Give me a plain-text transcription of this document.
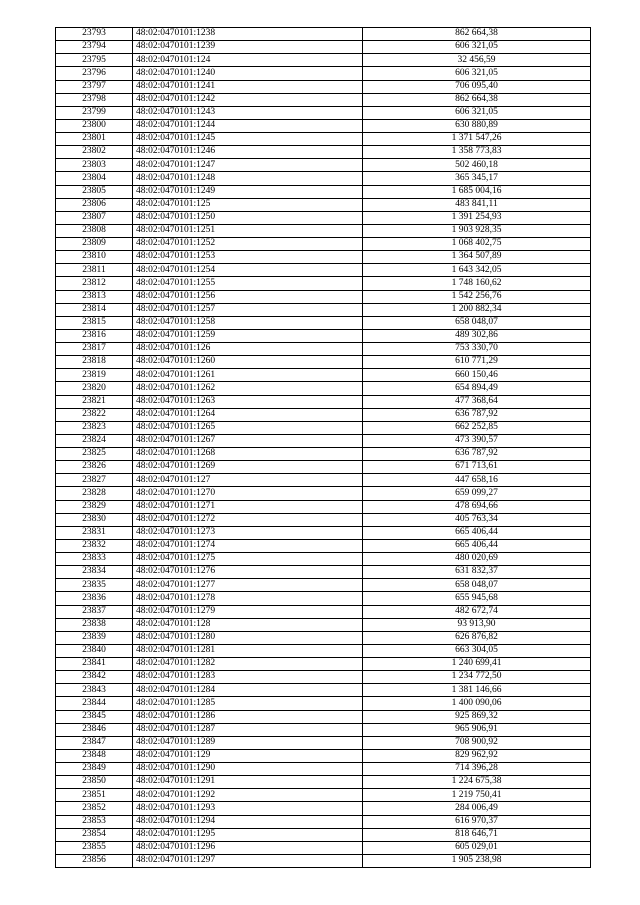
23793	48:02:0470101:1238	862 664,38
23794	48:02:0470101:1239	606 321,05
23795	48:02:0470101:124	32 456,59
23796	48:02:0470101:1240	606 321,05
23797	48:02:0470101:1241	706 095,40
23798	48:02:0470101:1242	862 664,38
23799	48:02:0470101:1243	606 321,05
23800	48:02:0470101:1244	630 880,89
23801	48:02:0470101:1245	1 371 547,26
23802	48:02:0470101:1246	1 358 773,83
23803	48:02:0470101:1247	502 460,18
23804	48:02:0470101:1248	365 345,17
23805	48:02:0470101:1249	1 685 004,16
23806	48:02:0470101:125	483 841,11
23807	48:02:0470101:1250	1 391 254,93
23808	48:02:0470101:1251	1 903 928,35
23809	48:02:0470101:1252	1 068 402,75
23810	48:02:0470101:1253	1 364 507,89
23811	48:02:0470101:1254	1 643 342,05
23812	48:02:0470101:1255	1 748 160,62
23813	48:02:0470101:1256	1 542 256,76
23814	48:02:0470101:1257	1 200 882,34
23815	48:02:0470101:1258	658 048,07
23816	48:02:0470101:1259	489 302,86
23817	48:02:0470101:126	753 330,70
23818	48:02:0470101:1260	610 771,29
23819	48:02:0470101:1261	660 150,46
23820	48:02:0470101:1262	654 894,49
23821	48:02:0470101:1263	477 368,64
23822	48:02:0470101:1264	636 787,92
23823	48:02:0470101:1265	662 252,85
23824	48:02:0470101:1267	473 390,57
23825	48:02:0470101:1268	636 787,92
23826	48:02:0470101:1269	671 713,61
23827	48:02:0470101:127	447 658,16
23828	48:02:0470101:1270	659 099,27
23829	48:02:0470101:1271	478 694,66
23830	48:02:0470101:1272	405 763,34
23831	48:02:0470101:1273	665 406,44
23832	48:02:0470101:1274	665 406,44
23833	48:02:0470101:1275	480 020,69
23834	48:02:0470101:1276	631 832,37
23835	48:02:0470101:1277	658 048,07
23836	48:02:0470101:1278	655 945,68
23837	48:02:0470101:1279	482 672,74
23838	48:02:0470101:128	93 913,90
23839	48:02:0470101:1280	626 876,82
23840	48:02:0470101:1281	663 304,05
23841	48:02:0470101:1282	1 240 699,41
23842	48:02:0470101:1283	1 234 772,50
23843	48:02:0470101:1284	1 381 146,66
23844	48:02:0470101:1285	1 400 090,06
23845	48:02:0470101:1286	925 869,32
23846	48:02:0470101:1287	965 906,91
23847	48:02:0470101:1289	708 900,92
23848	48:02:0470101:129	829 962,92
23849	48:02:0470101:1290	714 396,28
23850	48:02:0470101:1291	1 224 675,38
23851	48:02:0470101:1292	1 219 750,41
23852	48:02:0470101:1293	284 006,49
23853	48:02:0470101:1294	616 970,37
23854	48:02:0470101:1295	818 646,71
23855	48:02:0470101:1296	605 029,01
23856	48:02:0470101:1297	1 905 238,98
